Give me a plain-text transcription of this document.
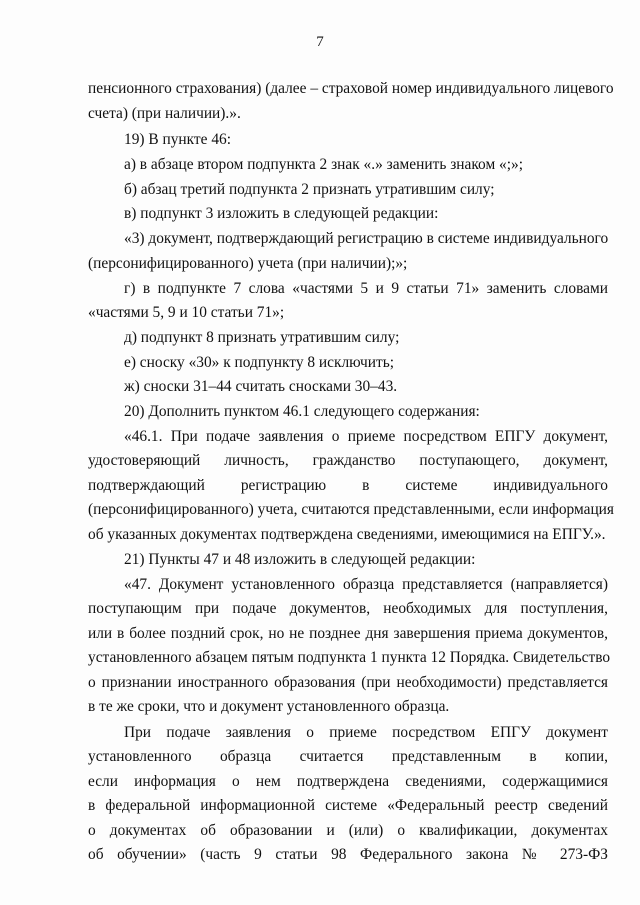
7
пенсионного страхования) (далее – страховой номер индивидуального лицевого
счета) (при наличии).».
19) В пункте 46:
а) в абзаце втором подпункта 2 знак «.» заменить знаком «;»;
б) абзац третий подпункта 2 признать утратившим силу;
в) подпункт 3 изложить в следующей редакции:
«3) документ, подтверждающий регистрацию в системе индивидуального
(персонифицированного) учета (при наличии);»;
г) в подпункте 7 слова «частями 5 и 9 статьи 71» заменить словами
«частями 5, 9 и 10 статьи 71»;
д) подпункт 8 признать утратившим силу;
е) сноску «30» к подпункту 8 исключить;
ж) сноски 31–44 считать сносками 30–43.
20) Дополнить пунктом 46.1 следующего содержания:
«46.1. При подаче заявления о приеме посредством ЕПГУ документ,
удостоверяющий личность, гражданство поступающего, документ,
подтверждающий регистрацию в системе индивидуального
(персонифицированного) учета, считаются представленными, если информация
об указанных документах подтверждена сведениями, имеющимися на ЕПГУ.».
21) Пункты 47 и 48 изложить в следующей редакции:
«47. Документ установленного образца представляется (направляется)
поступающим при подаче документов, необходимых для поступления,
или в более поздний срок, но не позднее дня завершения приема документов,
установленного абзацем пятым подпункта 1 пункта 12 Порядка. Свидетельство
о признании иностранного образования (при необходимости) представляется
в те же сроки, что и документ установленного образца.
При подаче заявления о приеме посредством ЕПГУ документ
установленного образца считается представленным в копии,
если информация о нем подтверждена сведениями, содержащимися
в федеральной информационной системе «Федеральный реестр сведений
о документах об образовании и (или) о квалификации, документах
об обучении» (часть 9 статьи 98 Федерального закона № 273-ФЗ
